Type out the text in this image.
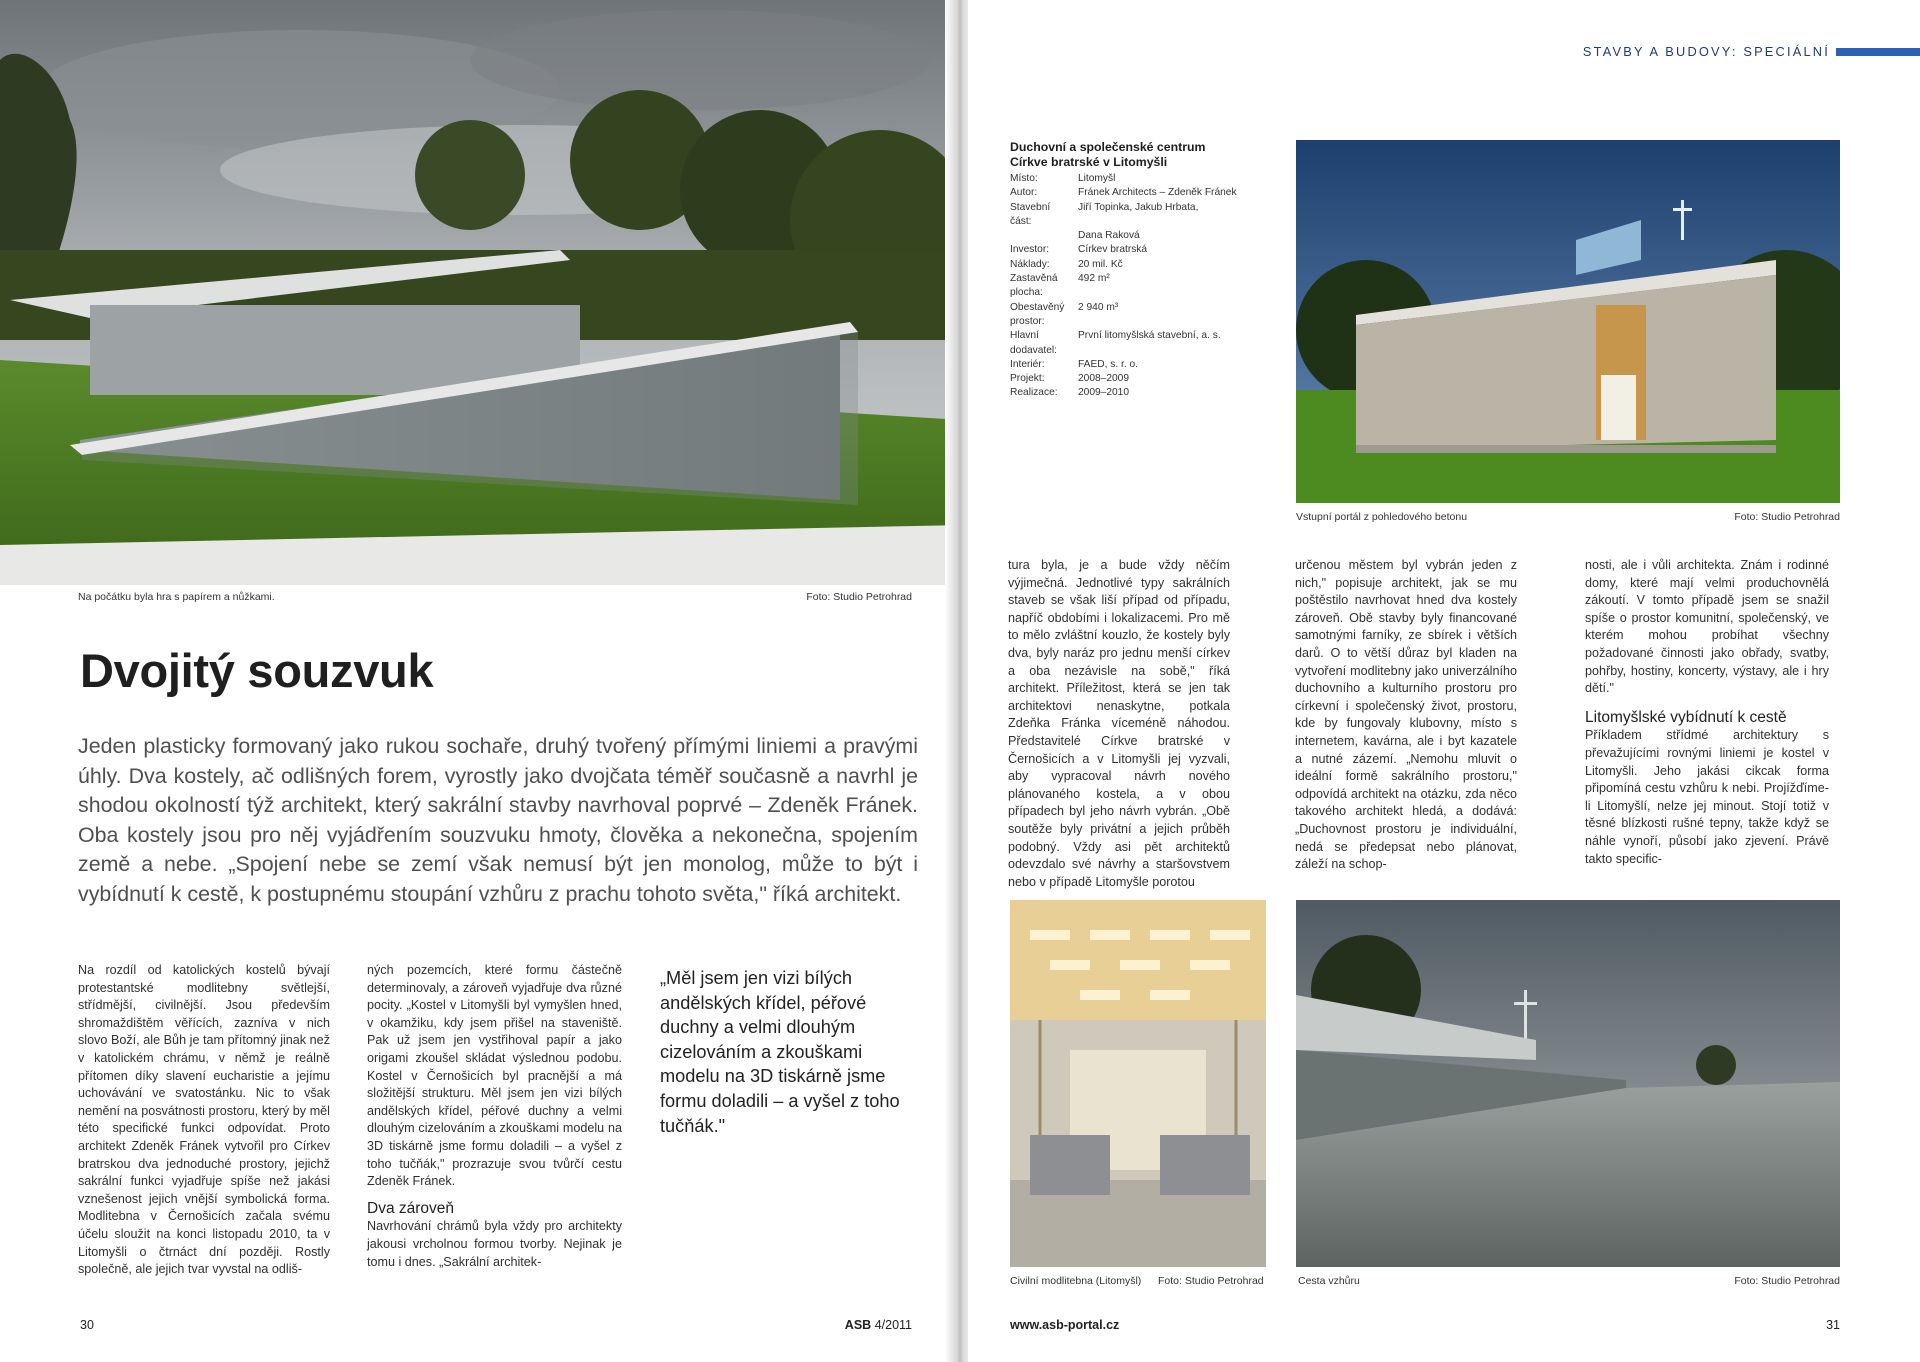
Na počátku byla hra s papírem a nůžkami.	Foto: Studio Petrohrad
Dvojitý souzvuk

Jeden plasticky formovaný jako rukou sochaře, druhý tvořený přímými liniemi a pravými úhly. Dva kostely, ač odlišných forem, vyrostly jako dvojčata téměř současně a navrhl je shodou okolností týž architekt, který sakrální stavby navrhoval poprvé – Zdeněk Fránek. Oba kostely jsou pro něj vyjádřením souzvuku hmoty, člověka a nekonečna, spojením země a nebe. „Spojení nebe se zemí však nemusí být jen monolog, může to být i vybídnutí k cestě, k postupnému stoupání vzhůru z prachu tohoto světa," říká architekt.

Na rozdíl od katolických kostelů bývají protestantské modlitebny světlejší, střídmější, civilnější. Jsou především shromaždištěm věřících, zazníva v nich slovo Boží, ale Bůh je tam přítomný jinak než v katolickém chrámu, v němž je reálně přítomen díky slavení eucharistie a jejímu uchovávání ve svatostánku. Nic to však nemění na posvátnosti prostoru, který by měl této specifické funkci odpovídat. Proto architekt Zdeněk Fránek vytvořil pro Církev bratrskou dva jednoduché prostory, jejichž sakrální funkci vyjadřuje spíše než jakási vznešenost jejich vnější symbolická forma. Modlitebna v Černošicích začala svému účelu sloužit na konci listopadu 2010, ta v Litomyšli o čtrnáct dní později. Rostly společně, ale jejich tvar vyvstal na odliš-

ných pozemcích, které formu částečně determinovaly, a zároveň vyjadřuje dva různé pocity. „Kostel v Litomyšli byl vymyšlen hned, v okamžiku, kdy jsem přišel na staveniště. Pak už jsem jen vystřihoval papír a jako origami zkoušel skládat výslednou podobu. Kostel v Černošicích byl pracnější a má složitější strukturu. Měl jsem jen vizi bílých andělských křídel, péřové duchny a velmi dlouhým cizelováním a zkouškami modelu na 3D tiskárně jsme formu doladili – a vyšel z toho tučňák," prozrazuje svou tvůrčí cestu Zdeněk Fránek.

Dva zároveň

Navrhování chrámů byla vždy pro architekty jakousi vrcholnou formou tvorby. Nejinak je tomu i dnes. „Sakrální architek-

„Měl jsem jen vizi bílých andělských křídel, péřové duchny a velmi dlouhým cizelováním a zkouškami modelu na 3D tiskárně jsme formu doladili – a vyšel z toho tučňák."
30	ASB 4/2011
STAVBY A BUDOVY: SPECIÁLNÍ
Duchovní a společenské centrum
Církve bratrské v Litomyšli
Místo:	Litomyšl
Autor:	Fránek Architects – Zdeněk Fránek
Stavební část:	Jiří Topinka, Jakub Hrbata,
	Dana Raková
Investor:	Církev bratrská
Náklady:	20 mil. Kč
Zastavěná plocha:	492 m²
Obestavěný prostor:	2 940 m³
Hlavní dodavatel:	První litomyšlská stavební, a. s.
Interiér:	FAED, s. r. o.
Projekt:	2008–2009
Realizace:	2009–2010
Vstupní portál z pohledového betonu	Foto: Studio Petrohrad

tura byla, je a bude vždy něčím výjimečná. Jednotlivé typy sakrálních staveb se však liší případ od případu, napříč obdobími i lokalizacemi. Pro mě to mělo zvláštní kouzlo, že kostely byly dva, byly naráz pro jednu menší církev a oba nezávisle na sobě," říká architekt. Příležitost, která se jen tak architektovi nenaskytne, potkala Zdeňka Fránka víceméně náhodou. Představitelé Církve bratrské v Černošicích a v Litomyšli jej vyzvali, aby vypracoval návrh nového plánovaného kostela, a v obou případech byl jeho návrh vybrán. „Obě soutěže byly privátní a jejich průběh podobný. Vždy asi pět architektů odevzdalo své návrhy a staršovstvem nebo v případě Litomyšle porotou

určenou městem byl vybrán jeden z nich," popisuje architekt, jak se mu poštěstilo navrhovat hned dva kostely zároveň. Obě stavby byly financované samotnými farníky, ze sbírek i větších darů. O to větší důraz byl kladen na vytvoření modlitebny jako univerzálního duchovního a kulturního prostoru pro církevní i společenský život, prostoru, kde by fungovaly klubovny, místo s internetem, kavárna, ale i byt kazatele a nutné zázemí. „Nemohu mluvit o ideální formě sakrálního prostoru," odpovídá architekt na otázku, zda něco takového architekt hledá, a dodává: „Duchovnost prostoru je individuální, nedá se předepsat nebo plánovat, záleží na schop-

nosti, ale i vůli architekta. Znám i rodinné domy, které mají velmi produchovnělá zákoutí. V tomto případě jsem se snažil spíše o prostor komunitní, společenský, ve kterém mohou probíhat všechny požadované činnosti jako obřady, svatby, pohřby, hostiny, koncerty, výstavy, ale i hry dětí."

Litomyšlské vybídnutí k cestě

Příkladem střídmé architektury s převažujícími rovnými liniemi je kostel v Litomyšli. Jeho jakási cikcak forma připomíná cestu vzhůru k nebi. Projížďíme-li Litomyšlí, nelze jej minout. Stojí totiž v těsné blízkosti rušné tepny, takže když se náhle vynoří, působí jako zjevení. Právě takto specific-

Civilní modlitebna (Litomyšl) Foto: Studio Petrohrad	Cesta vzhůru	Foto: Studio Petrohrad
www.asb-portal.cz	31
